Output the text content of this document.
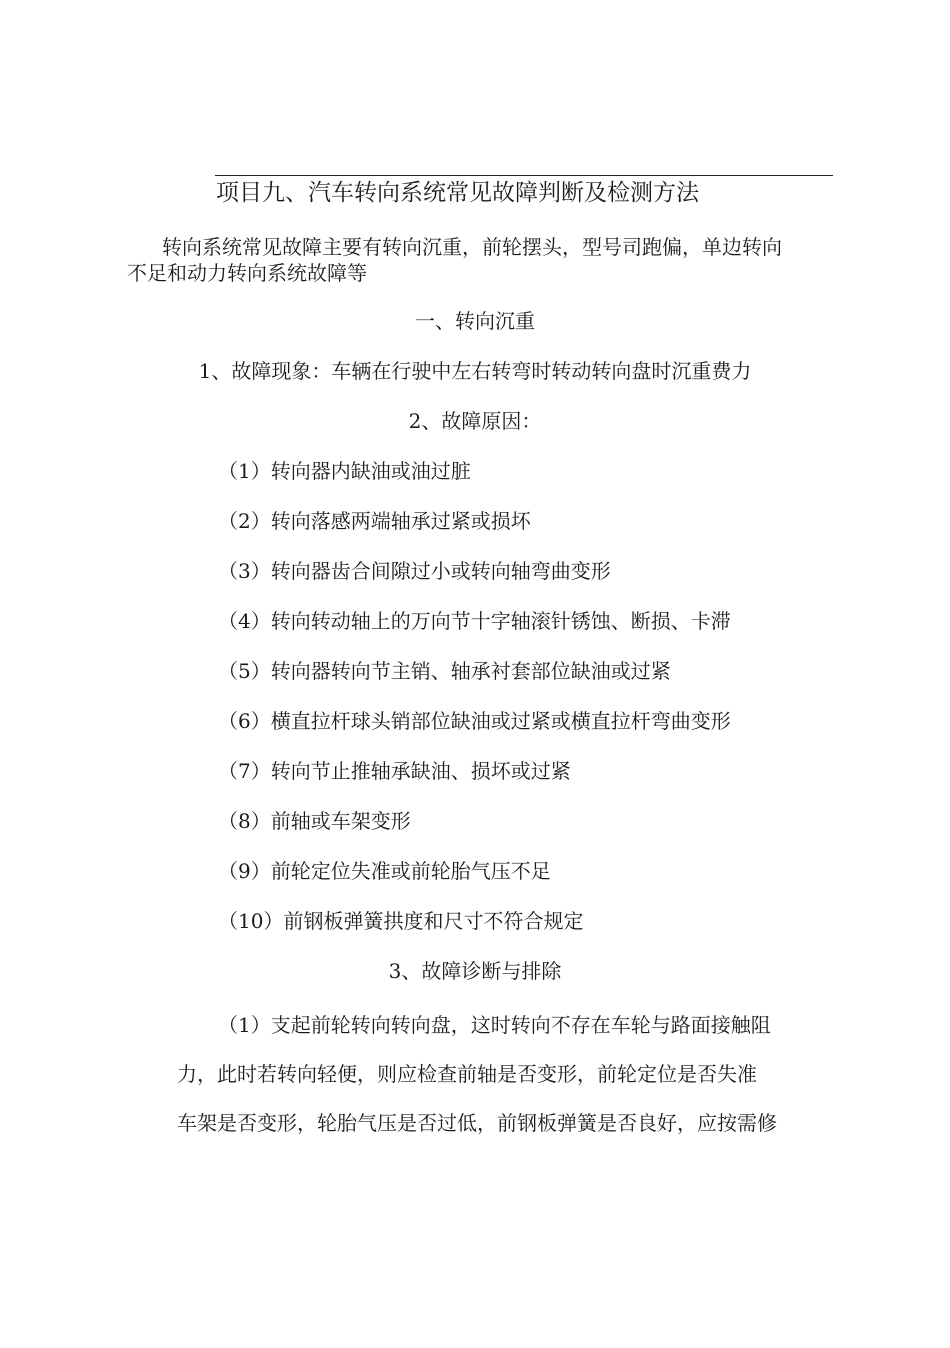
项目九、汽车转向系统常见故障判断及检测方法
转向系统常见故障主要有转向沉重，前轮摆头，型号司跑偏，单边转向
不足和动力转向系统故障等
一、转向沉重
1、故障现象：车辆在行驶中左右转弯时转动转向盘时沉重费力
2、故障原因：
（1）转向器内缺油或油过脏
（2）转向落感两端轴承过紧或损坏
（3）转向器齿合间隙过小或转向轴弯曲变形
（4）转向转动轴上的万向节十字轴滚针锈蚀、断损、卡滞
（5）转向器转向节主销、轴承衬套部位缺油或过紧
（6）横直拉杆球头销部位缺油或过紧或横直拉杆弯曲变形
（7）转向节止推轴承缺油、损坏或过紧
（8）前轴或车架变形
（9）前轮定位失准或前轮胎气压不足
（10）前钢板弹簧拱度和尺寸不符合规定
3、故障诊断与排除
（1）支起前轮转向转向盘，这时转向不存在车轮与路面接触阻
力，此时若转向轻便，则应检查前轴是否变形，前轮定位是否失准
车架是否变形，轮胎气压是否过低，前钢板弹簧是否良好，应按需修
